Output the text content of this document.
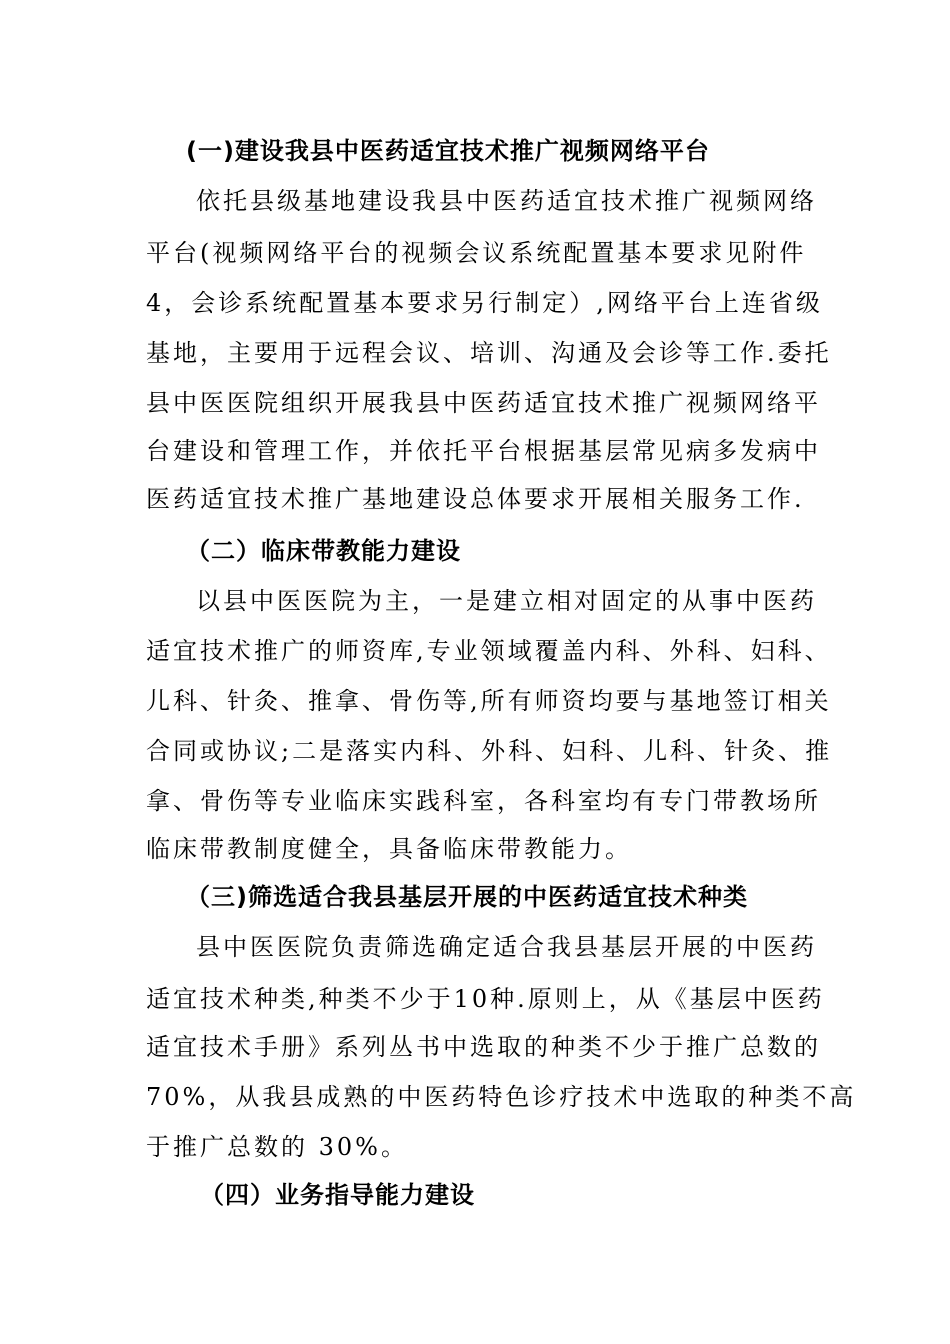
(一)建设我县中医药适宜技术推广视频网络平台
依托县级基地建设我县中医药适宜技术推广视频网络
平台(视频网络平台的视频会议系统配置基本要求见附件
4，会诊系统配置基本要求另行制定）,网络平台上连省级
基地，主要用于远程会议、培训、沟通及会诊等工作.委托
县中医医院组织开展我县中医药适宜技术推广视频网络平
台建设和管理工作，并依托平台根据基层常见病多发病中
医药适宜技术推广基地建设总体要求开展相关服务工作.
（二）临床带教能力建设
以县中医医院为主，一是建立相对固定的从事中医药
适宜技术推广的师资库,专业领域覆盖内科、外科、妇科、
儿科、针灸、推拿、骨伤等,所有师资均要与基地签订相关
合同或协议;二是落实内科、外科、妇科、儿科、针灸、推
拿、骨伤等专业临床实践科室，各科室均有专门带教场所
临床带教制度健全，具备临床带教能力。
（三)筛选适合我县基层开展的中医药适宜技术种类
县中医医院负责筛选确定适合我县基层开展的中医药
适宜技术种类,种类不少于10种.原则上，从《基层中医药
适宜技术手册》系列丛书中选取的种类不少于推广总数的
70%，从我县成熟的中医药特色诊疗技术中选取的种类不高
于推广总数的 30%。
（四）业务指导能力建设
